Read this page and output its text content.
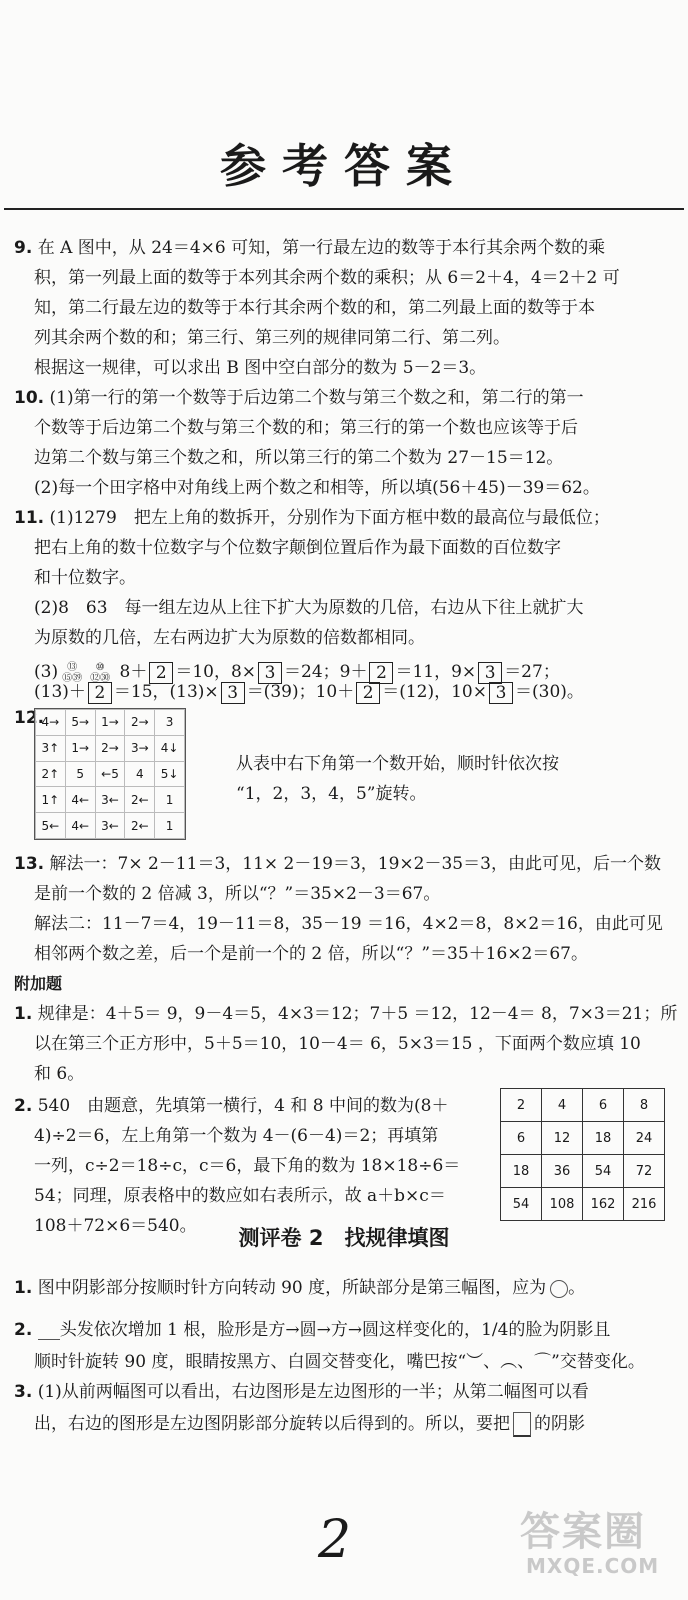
参考答案
9. 在 A 图中，从 24＝4×6 可知，第一行最左边的数等于本行其余两个数的乘
积，第一列最上面的数等于本列其余两个数的乘积；从 6＝2＋4，4＝2＋2 可
知，第二行最左边的数等于本行其余两个数的和，第二列最上面的数等于本
列其余两个数的和；第三行、第三列的规律同第二行、第二列。
根据这一规律，可以求出 B 图中空白部分的数为 5－2＝3。
10. (1)第一行的第一个数等于后边第二个数与第三个数之和，第二行的第一
个数等于后边第二个数与第三个数的和；第三行的第一个数也应该等于后
边第二个数与第三个数之和，所以第三行的第二个数为 27－15＝12。
(2)每一个田字格中对角线上两个数之和相等，所以填(56＋45)－39＝62。
11. (1)1279　把左上角的数拆开，分别作为下面方框中数的最高位与最低位；
把右上角的数十位数字与个位数字颠倒位置后作为最下面数的百位数字
和十位数字。
(2)8　63　每一组左边从上往下扩大为原数的几倍，右边从下往上就扩大
为原数的几倍，左右两边扩大为原数的倍数都相同。
(3) ⑬
⑮㊴⑩
⑫㉚ 8＋ 2 ＝10，8× 3 ＝24；9＋ 2 ＝11，9× 3 ＝27；
(13)＋ 2 ＝15，(13)× 3 ＝(39)；10＋ 2 ＝(12)，10× 3 ＝(30)。
12.
4→	5→	1→	2→	3
3↑	1→	2→	3→	4↓
2↑	5	←5	4	5↓
1↑	4←	3←	2←	1
5←	4←	3←	2←	1
从表中右下角第一个数开始，顺时针依次按
“1，2，3，4，5”旋转。
13. 解法一：7× 2－11＝3，11× 2－19＝3，19×2－35＝3，由此可见，后一个数
是前一个数的 2 倍减 3，所以“？”＝35×2－3＝67。
解法二：11－7＝4，19－11＝8，35－19 ＝16，4×2＝8，8×2＝16，由此可见
相邻两个数之差，后一个是前一个的 2 倍，所以“？”＝35＋16×2＝67。
附加题
1. 规律是：4＋5＝ 9，9－4＝5，4×3＝12；7＋5 ＝12，12－4＝ 8，7×3＝21；所
以在第三个正方形中，5＋5＝10，10－4＝ 6，5×3＝15 ，下面两个数应填 10
和 6。
2. 540　由题意，先填第一横行，4 和 8 中间的数为(8＋
4)÷2＝6，左上角第一个数为 4－(6－4)＝2；再填第
一列，c÷2＝18÷c，c＝6，最下角的数为 18×18÷6＝
54；同理，原表格中的数应如右表所示，故 a＋b×c＝
108＋72×6＝540。
2	4	6	8
6	12	18	24
18	36	54	72
54	108	162	216
测评卷 2　找规律填图
1. 图中阴影部分按顺时针方向转动 90 度，所缺部分是第三幅图，应为 。
2. 头发依次增加 1 根，脸形是方→圆→方→圆这样变化的，1/4的脸为阴影且
顺时针旋转 90 度，眼睛按黑方、白圆交替变化，嘴巴按“︶、︵、⌒”交替变化。
3. (1)从前两幅图可以看出，右边图形是左边图形的一半；从第二幅图可以看
出，右边的图形是左边图阴影部分旋转以后得到的。所以，要把 的阴影
2	答案圈
MXQE.COM
